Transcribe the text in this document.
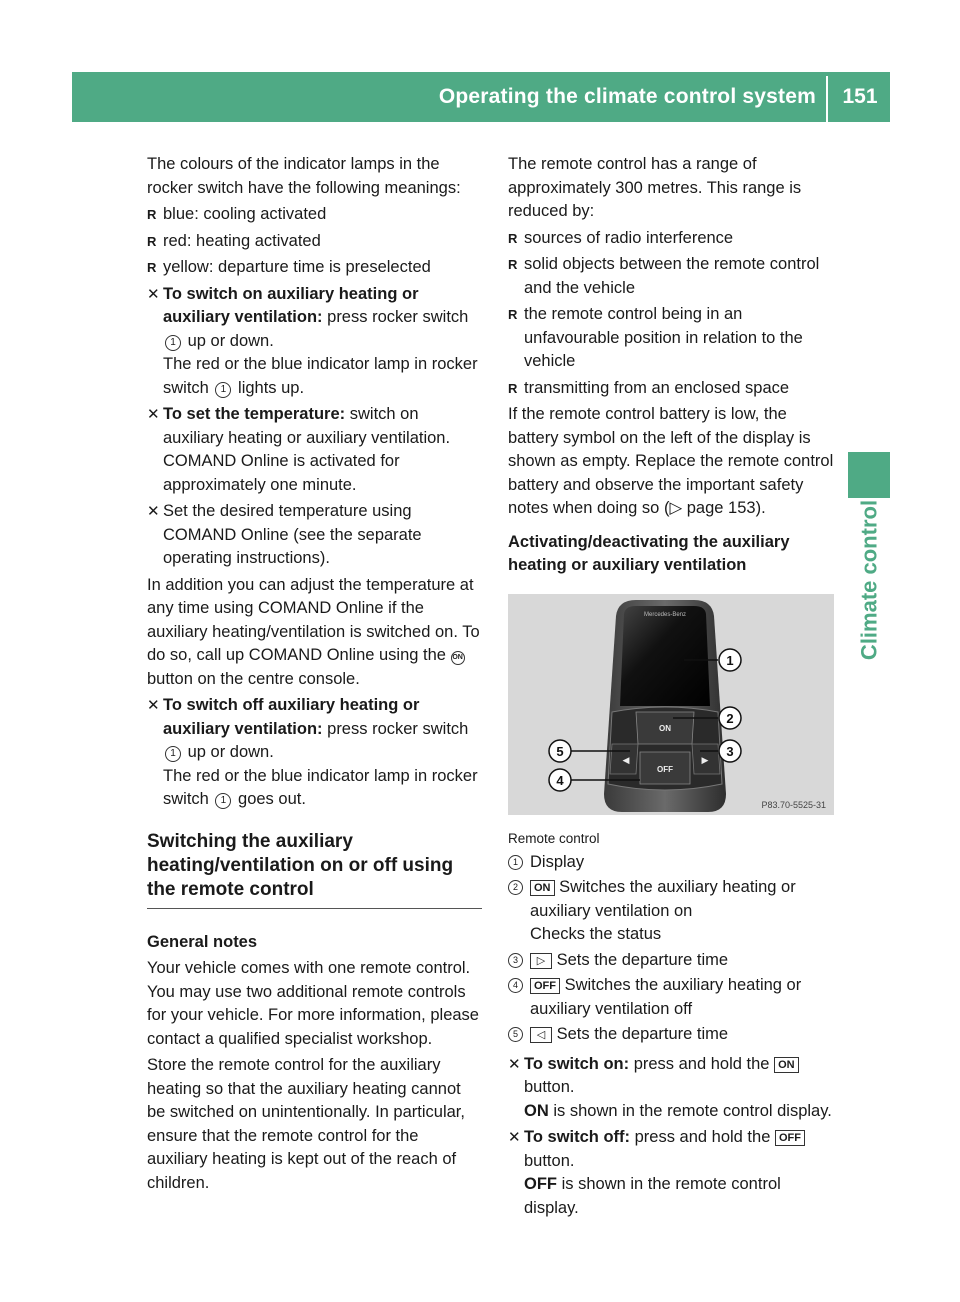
Operating the climate control system	151
Climate control

The colours of the indicator lamps in the rocker switch have the following meanings:

R blue: cooling activated
R red: heating activated
R yellow: departure time is preselected
✕ To switch on auxiliary heating or auxiliary ventilation: press rocker switch 1 up or down.
The red or the blue indicator lamp in rocker switch 1 lights up.
✕ To set the temperature: switch on auxiliary heating or auxiliary ventilation.
COMAND Online is activated for approximately one minute.
✕ Set the desired temperature using COMAND Online (see the separate operating instructions).

In addition you can adjust the temperature at any time using COMAND Online if the auxiliary heating/ventilation is switched on. To do so, call up COMAND Online using the ON button on the centre console.

✕ To switch off auxiliary heating or auxiliary ventilation: press rocker switch 1 up or down.
The red or the blue indicator lamp in rocker switch 1 goes out.
Switching the auxiliary heating/ventilation on or off using the remote control
General notes

Your vehicle comes with one remote control. You may use two additional remote controls for your vehicle. For more information, please contact a qualified specialist workshop.

Store the remote control for the auxiliary heating so that the auxiliary heating cannot be switched on unintentionally. In particular, ensure that the remote control for the auxiliary heating is kept out of the reach of children.

The remote control has a range of approximately 300 metres. This range is reduced by:

R sources of radio interference
R solid objects between the remote control and the vehicle
R the remote control being in an unfavourable position in relation to the vehicle
R transmitting from an enclosed space

If the remote control battery is low, the battery symbol on the left of the display is shown as empty. Replace the remote control battery and observe the important safety notes when doing so (▷ page 153).

Activating/deactivating the auxiliary heating or auxiliary ventilation
Mercedes-Benz
ON
◀	▶
OFF
P83.70-5525-31
1
2
3
4
5
Remote control
1 Display
2	ON Switches the auxiliary heating or auxiliary ventilation on
Checks the status
3	▷ Sets the departure time
4	OFF Switches the auxiliary heating or auxiliary ventilation off
5	◁ Sets the departure time
✕ To switch on: press and hold the ON
button.
ON is shown in the remote control display.
✕ To switch off: press and hold the OFF
button.
OFF is shown in the remote control display.
